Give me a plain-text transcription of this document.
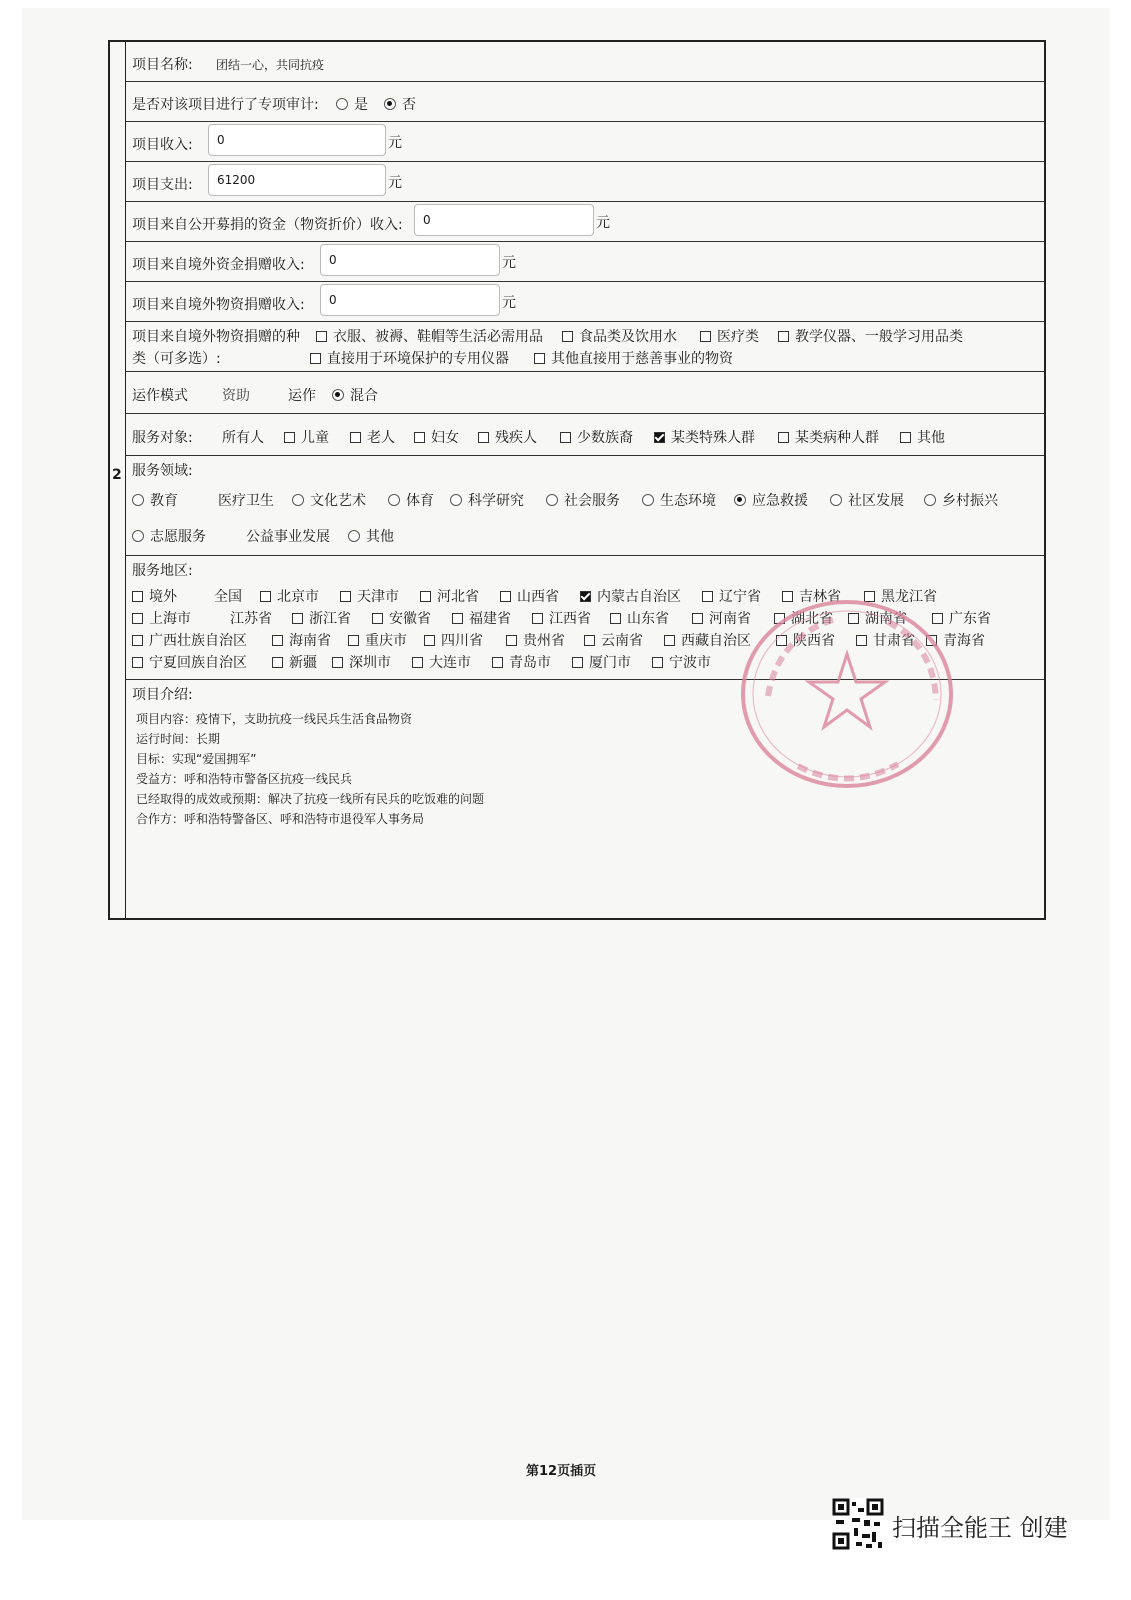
2
项目名称: 团结一心，共同抗疫
是否对该项目进行了专项审计:	是 否
项目收入:	0	元
项目支出:	61200	元
项目来自公开募捐的资金（物资折价）收入:	0	元
项目来自境外资金捐赠收入:	0	元
项目来自境外物资捐赠收入:	0	元
项目来自境外物资捐赠的种
类（可多选）:
衣服、被褥、鞋帽等生活必需用品	食品类及饮用水	医疗类	教学仪器、一般学习用品类
直接用于环境保护的专用仪器	其他直接用于慈善事业的物资
运作模式 资助	运作 混合
服务对象: 所有人	儿童	老人	妇女	残疾人	少数族裔	某类特殊人群	某类病种人群	其他
服务领域:
教育	医疗卫生	文化艺术	体育 科学研究	社会服务	生态环境	应急救援	社区发展	乡村振兴
志愿服务	公益事业发展	其他
服务地区:
境外	全国	北京市	天津市	河北省	山西省	内蒙古自治区	辽宁省	吉林省	黑龙江省
上海市	江苏省	浙江省	安徽省	福建省	江西省	山东省	河南省	湖北省 湖南省	广东省
广西壮族自治区	海南省 重庆市 四川省	贵州省	云南省	西藏自治区	陕西省	甘肃省 青海省
宁夏回族自治区	新疆 深圳市	大连市	青岛市	厦门市	宁波市
项目介绍:
项目内容：疫情下，支助抗疫一线民兵生活食品物资
运行时间：长期
目标：实现“爱国拥军”
受益方：呼和浩特市警备区抗疫一线民兵
已经取得的成效或预期：解决了抗疫一线所有民兵的吃饭难的问题
合作方：呼和浩特警备区、呼和浩特市退役军人事务局
第12页插页
扫描全能王 创建
